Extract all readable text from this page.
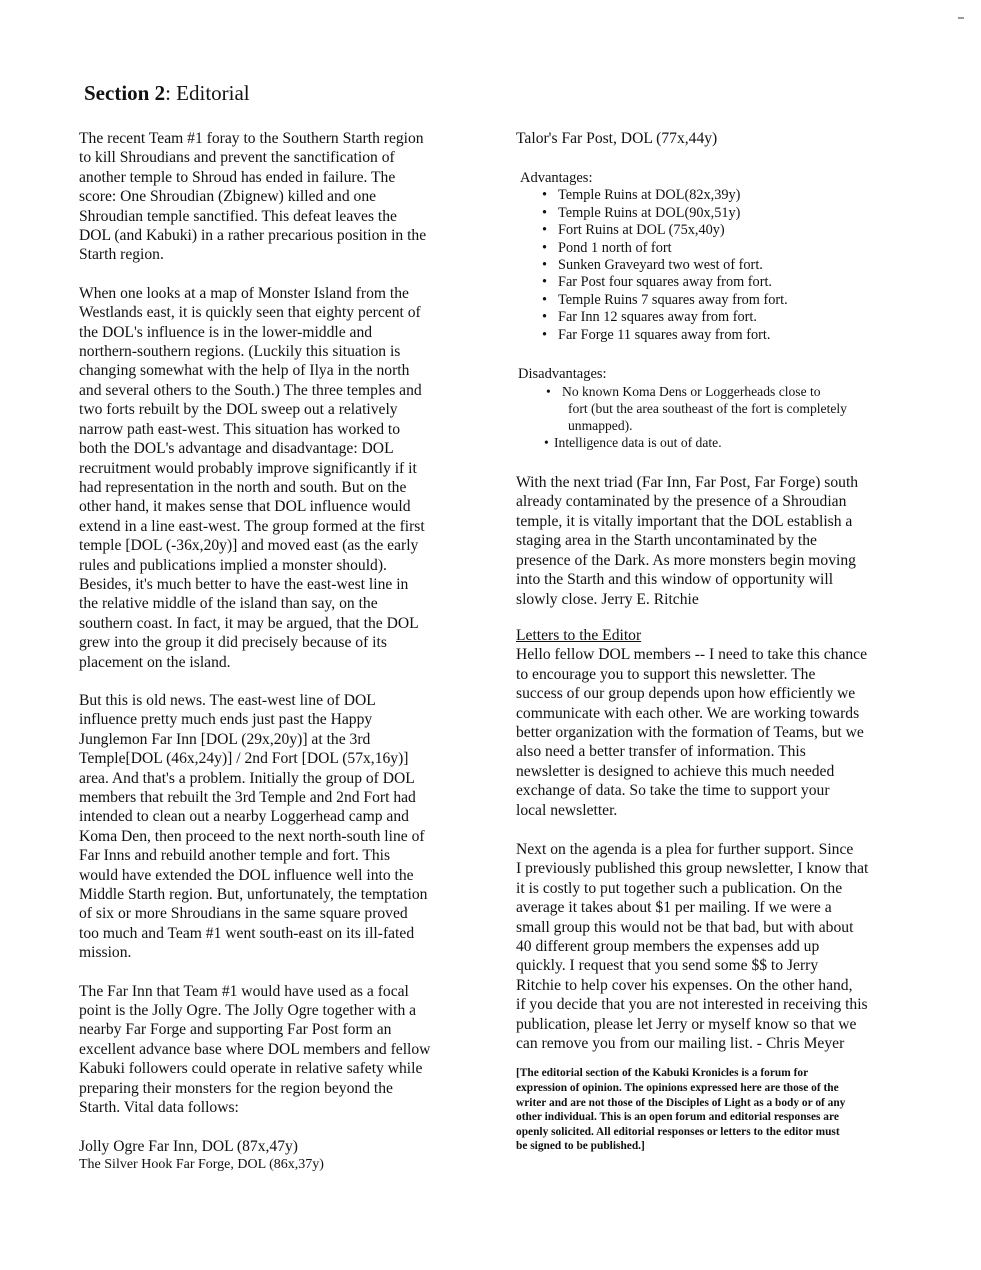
Section 2: Editorial
The recent Team #1 foray to the Southern Starth region
to kill Shroudians and prevent the sanctification of
another temple to Shroud has ended in failure. The
score: One Shroudian (Zbignew) killed and one
Shroudian temple sanctified. This defeat leaves the
DOL (and Kabuki) in a rather precarious position in the
Starth region.
When one looks at a map of Monster Island from the
Westlands east, it is quickly seen that eighty percent of
the DOL's influence is in the lower-middle and
northern-southern regions. (Luckily this situation is
changing somewhat with the help of Ilya in the north
and several others to the South.) The three temples and
two forts rebuilt by the DOL sweep out a relatively
narrow path east-west. This situation has worked to
both the DOL's advantage and disadvantage: DOL
recruitment would probably improve significantly if it
had representation in the north and south. But on the
other hand, it makes sense that DOL influence would
extend in a line east-west. The group formed at the first
temple [DOL (-36x,20y)] and moved east (as the early
rules and publications implied a monster should).
Besides, it's much better to have the east-west line in
the relative middle of the island than say, on the
southern coast. In fact, it may be argued, that the DOL
grew into the group it did precisely because of its
placement on the island.
But this is old news. The east-west line of DOL
influence pretty much ends just past the Happy
Junglemon Far Inn [DOL (29x,20y)] at the 3rd
Temple[DOL (46x,24y)] / 2nd Fort [DOL (57x,16y)]
area. And that's a problem. Initially the group of DOL
members that rebuilt the 3rd Temple and 2nd Fort had
intended to clean out a nearby Loggerhead camp and
Koma Den, then proceed to the next north-south line of
Far Inns and rebuild another temple and fort. This
would have extended the DOL influence well into the
Middle Starth region. But, unfortunately, the temptation
of six or more Shroudians in the same square proved
too much and Team #1 went south-east on its ill-fated
mission.
The Far Inn that Team #1 would have used as a focal
point is the Jolly Ogre. The Jolly Ogre together with a
nearby Far Forge and supporting Far Post form an
excellent advance base where DOL members and fellow
Kabuki followers could operate in relative safety while
preparing their monsters for the region beyond the
Starth. Vital data follows:
Jolly Ogre Far Inn, DOL (87x,47y)
The Silver Hook Far Forge, DOL (86x,37y)
Talor's Far Post, DOL (77x,44y)
Advantages:
• Temple Ruins at DOL(82x,39y)
• Temple Ruins at DOL(90x,51y)
• Fort Ruins at DOL (75x,40y)
• Pond 1 north of fort
• Sunken Graveyard two west of fort.
• Far Post four squares away from fort.
• Temple Ruins 7 squares away from fort.
• Far Inn 12 squares away from fort.
• Far Forge 11 squares away from fort.
Disadvantages:
• No known Koma Dens or Loggerheads close to
fort (but the area southeast of the fort is completely
unmapped).
• Intelligence data is out of date.
With the next triad (Far Inn, Far Post, Far Forge) south
already contaminated by the presence of a Shroudian
temple, it is vitally important that the DOL establish a
staging area in the Starth uncontaminated by the
presence of the Dark. As more monsters begin moving
into the Starth and this window of opportunity will
slowly close. Jerry E. Ritchie
Letters to the Editor
Hello fellow DOL members -- I need to take this chance
to encourage you to support this newsletter. The
success of our group depends upon how efficiently we
communicate with each other. We are working towards
better organization with the formation of Teams, but we
also need a better transfer of information. This
newsletter is designed to achieve this much needed
exchange of data. So take the time to support your
local newsletter.
Next on the agenda is a plea for further support. Since
I previously published this group newsletter, I know that
it is costly to put together such a publication. On the
average it takes about $1 per mailing. If we were a
small group this would not be that bad, but with about
40 different group members the expenses add up
quickly. I request that you send some $$ to Jerry
Ritchie to help cover his expenses. On the other hand,
if you decide that you are not interested in receiving this
publication, please let Jerry or myself know so that we
can remove you from our mailing list. - Chris Meyer
[The editorial section of the Kabuki Kronicles is a forum for
expression of opinion. The opinions expressed here are those of the
writer and are not those of the Disciples of Light as a body or of any
other individual. This is an open forum and editorial responses are
openly solicited. All editorial responses or letters to the editor must
be signed to be published.]
